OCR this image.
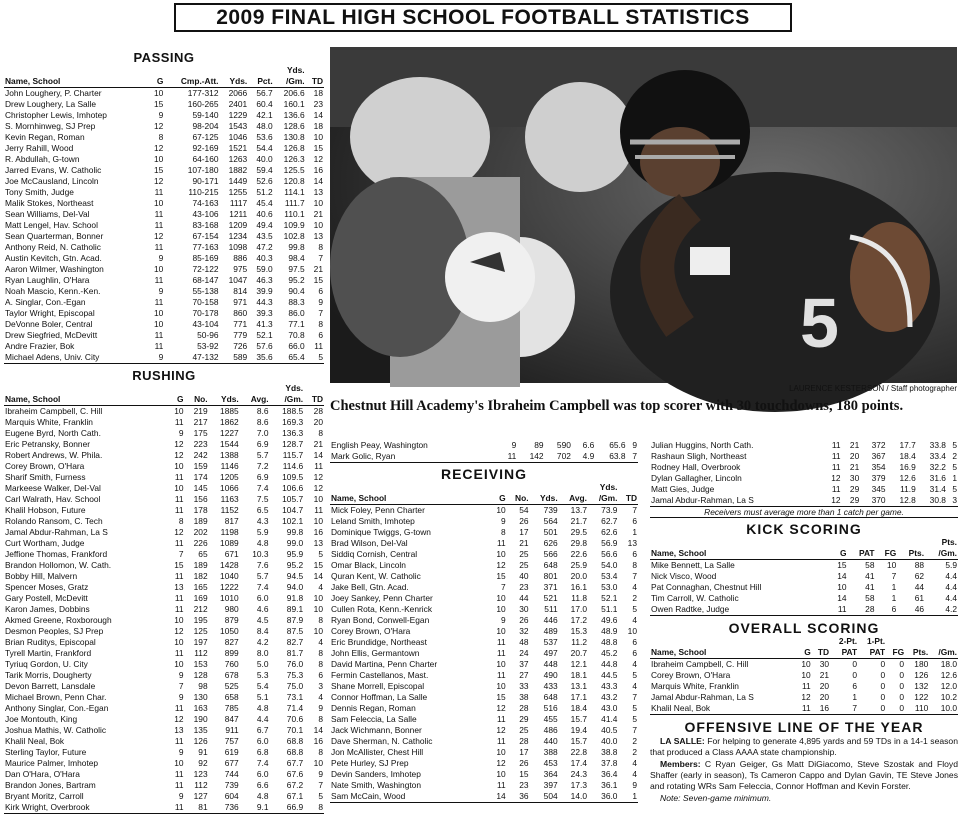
2009 FINAL HIGH SCHOOL FOOTBALL STATISTICS
PASSING
					Yds.	
Name, School	G	Cmp.-Att.	Yds.	Pct.	/Gm.	TD
John Loughery, P. Charter	10	177-312	2066	56.7	206.6	18
Drew Loughery, La Salle	15	160-265	2401	60.4	160.1	23
Christopher Lewis, Imhotep	9	59-140	1229	42.1	136.6	14
S. Mornhinweg, SJ Prep	12	98-204	1543	48.0	128.6	18
Kevin Regan, Roman	8	67-125	1046	53.6	130.8	10
Jerry Rahill, Wood	12	92-169	1521	54.4	126.8	15
R. Abdullah, G-town	10	64-160	1263	40.0	126.3	12
Jarred Evans, W. Catholic	15	107-180	1882	59.4	125.5	16
Joe McCausland, Lincoln	12	90-171	1449	52.6	120.8	14
Tony Smith, Judge	11	110-215	1255	51.2	114.1	13
Malik Stokes, Northeast	10	74-163	1117	45.4	111.7	10
Sean Williams, Del-Val	11	43-106	1211	40.6	110.1	21
Matt Lengel, Hav. School	11	83-168	1209	49.4	109.9	10
Sean Quarterman, Bonner	12	67-154	1234	43.5	102.8	13
Anthony Reid, N. Catholic	11	77-163	1098	47.2	99.8	8
Austin Kevitch, Gtn. Acad.	9	85-169	886	40.3	98.4	7
Aaron Wilmer, Washington	10	72-122	975	59.0	97.5	21
Ryan Laughlin, O'Hara	11	68-147	1047	46.3	95.2	15
Noah Mascio, Kenn.-Ken.	9	55-138	814	39.9	90.4	6
A. Singlar, Con.-Egan	11	70-158	971	44.3	88.3	9
Taylor Wright, Episcopal	10	70-178	860	39.3	86.0	7
DeVonne Boler, Central	10	43-104	771	41.3	77.1	8
Drew Siegfried, McDevitt	11	50-96	779	52.1	70.8	6
Andre Frazier, Bok	11	53-92	726	57.6	66.0	11
Michael Adens, Univ. City	9	47-132	589	35.6	65.4	5
RUSHING
					Yds.	
Name, School	G	No.	Yds.	Avg.	/Gm.	TD
Ibraheim Campbell, C. Hill	10	219	1885	8.6	188.5	28
Marquis White, Franklin	11	217	1862	8.6	169.3	20
Eugene Byrd, North Cath.	9	175	1227	7.0	136.3	8
Eric Petransky, Bonner	12	223	1544	6.9	128.7	21
Robert Andrews, W. Phila.	12	242	1388	5.7	115.7	14
Corey Brown, O'Hara	10	159	1146	7.2	114.6	11
Sharif Smith, Furness	11	174	1205	6.9	109.5	12
Markeese Walker, Del-Val	10	145	1066	7.4	106.6	12
Carl Walrath, Hav. School	11	156	1163	7.5	105.7	10
Khalil Hobson, Future	11	178	1152	6.5	104.7	11
Rolando Ransom, C. Tech	8	189	817	4.3	102.1	10
Jamal Abdur-Rahman, La S	12	202	1198	5.9	99.8	16
Curt Wortham, Judge	11	226	1089	4.8	99.0	13
Jeffione Thomas, Frankford	7	65	671	10.3	95.9	5
Brandon Hollomon, W. Cath.	15	189	1428	7.6	95.2	15
Bobby Hill, Malvern	11	182	1040	5.7	94.5	14
Spencer Moses, Gratz	13	165	1222	7.4	94.0	4
Gary Postell, McDevitt	11	169	1010	6.0	91.8	10
Karon James, Dobbins	11	212	980	4.6	89.1	10
Akmed Greene, Roxborough	10	195	879	4.5	87.9	8
Desmon Peoples, SJ Prep	12	125	1050	8.4	87.5	10
Brian Ruditys, Episcopal	10	197	827	4.2	82.7	4
Tyrell Martin, Frankford	11	112	899	8.0	81.7	8
Tyriuq Gordon, U. City	10	153	760	5.0	76.0	8
Tarik Morris, Dougherty	9	128	678	5.3	75.3	6
Devon Barrett, Lansdale	7	98	525	5.4	75.0	3
Michael Brown, Penn Char.	9	130	658	5.1	73.1	4
Anthony Singlar, Con.-Egan	11	163	785	4.8	71.4	9
Joe Montouth, King	12	190	847	4.4	70.6	8
Joshua Mathis, W. Catholic	13	135	911	6.7	70.1	14
Khalil Neal, Bok	11	126	757	6.0	68.8	16
Sterling Taylor, Future	9	91	619	6.8	68.8	8
Maurice Palmer, Imhotep	10	92	677	7.4	67.7	10
Dan O'Hara, O'Hara	11	123	744	6.0	67.6	9
Brandon Jones, Bartram	11	112	739	6.6	67.2	7
Bryant Moritz, Carroll	9	127	604	4.8	67.1	5
Kirk Wright, Overbrook	11	81	736	9.1	66.9	8
5
LAURENCE KESTERSON / Staff photographer
Chestnut Hill Academy's Ibraheim Campbell was top scorer with 30 touchdowns, 180 points.
English Peay, Washington	9	89	590	6.6	65.6	9
Mark Golic, Ryan	11	142	702	4.9	63.8	7
RECEIVING
					Yds.	
Name, School	G	No.	Yds.	Avg.	/Gm.	TD
Mick Foley, Penn Charter	10	54	739	13.7	73.9	7
Leland Smith, Imhotep	9	26	564	21.7	62.7	6
Dominique Twiggs, G-town	8	17	501	29.5	62.6	1
Brad Wilson, Del-Val	11	21	626	29.8	56.9	13
Siddiq Cornish, Central	10	25	566	22.6	56.6	6
Omar Black, Lincoln	12	25	648	25.9	54.0	8
Quran Kent, W. Catholic	15	40	801	20.0	53.4	7
Jake Bell, Gtn. Acad.	7	23	371	16.1	53.0	4
Joey Sankey, Penn Charter	10	44	521	11.8	52.1	2
Cullen Rota, Kenn.-Kenrick	10	30	511	17.0	51.1	5
Ryan Bond, Conwell-Egan	9	26	446	17.2	49.6	4
Corey Brown, O'Hara	10	32	489	15.3	48.9	10
Eric Brundidge, Northeast	11	48	537	11.2	48.8	6
John Ellis, Germantown	11	24	497	20.7	45.2	6
David Martina, Penn Charter	10	37	448	12.1	44.8	4
Fermin Castellanos, Mast.	11	27	490	18.1	44.5	5
Shane Morrell, Episcopal	10	33	433	13.1	43.3	4
Connor Hoffman, La Salle	15	38	648	17.1	43.2	7
Dennis Regan, Roman	12	28	516	18.4	43.0	5
Sam Feleccia, La Salle	11	29	455	15.7	41.4	5
Jack Wichmann, Bonner	12	25	486	19.4	40.5	7
Dave Sherman, N. Catholic	11	28	440	15.7	40.0	2
Jon McAllister, Chest Hill	10	17	388	22.8	38.8	2
Pete Hurley, SJ Prep	12	26	453	17.4	37.8	4
Devin Sanders, Imhotep	10	15	364	24.3	36.4	4
Nate Smith, Washington	11	23	397	17.3	36.1	9
Sam McCain, Wood	14	36	504	14.0	36.0	1
Julian Huggins, North Cath.	11	21	372	17.7	33.8	5
Rashaun Sligh, Northeast	11	20	367	18.4	33.4	2
Rodney Hall, Overbrook	11	21	354	16.9	32.2	5
Dylan Gallagher, Lincoln	12	30	379	12.6	31.6	1
Matt Gies, Judge	11	29	345	11.9	31.4	5
Jamal Abdur-Rahman, La S	12	29	370	12.8	30.8	3
Receivers must average more than 1 catch per game.
KICK SCORING
					Pts.
Name, School	G	PAT	FG	Pts.	/Gm.
Mike Bennett, La Salle	15	58	10	88	5.9
Nick Visco, Wood	14	41	7	62	4.4
Pat Connaghan, Chestnut Hill	10	41	1	44	4.4
Tim Carroll, W. Catholic	14	58	1	61	4.4
Owen Radtke, Judge	11	28	6	46	4.2
OVERALL SCORING
			2-Pt.	1-Pt.			
Name, School	G	TD	PAT	PAT	FG	Pts.	/Gm.
Ibraheim Campbell, C. Hill	10	30	0	0	0	180	18.0
Corey Brown, O'Hara	10	21	0	0	0	126	12.6
Marquis White, Franklin	11	20	6	0	0	132	12.0
Jamal Abdur-Rahman, La S	12	20	1	0	0	122	10.2
Khalil Neal, Bok	11	16	7	0	0	110	10.0
OFFENSIVE LINE OF THE YEAR

LA SALLE: For helping to generate 4,895 yards and 59 TDs in a 14-1 season that produced a Class AAAA state championship.

Members: C Ryan Geiger, Gs Matt DiGiacomo, Steve Szostak and Floyd Shaffer (early in season), Ts Cameron Cappo and Dylan Gavin, TE Steve Jones and rotating WRs Sam Feleccia, Connor Hoffman and Kevin Forster.

Note: Seven-game minimum.
